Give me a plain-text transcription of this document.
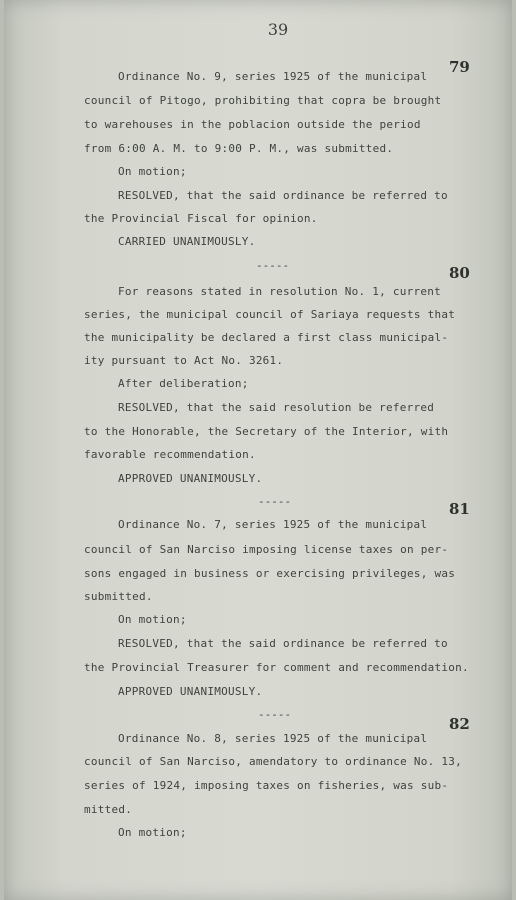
39
79
Ordinance No. 9, series 1925 of the municipal
council of Pitogo, prohibiting that copra be brought
to warehouses in the poblacion outside the period
from 6:00 A. M. to 9:00 P. M., was submitted.
On motion;
RESOLVED, that the said ordinance be referred to
the Provincial Fiscal for opinion.
CARRIED UNANIMOUSLY.
-----	80
For reasons stated in resolution No. 1, current
series, the municipal council of Sariaya requests that
the municipality be declared a first class municipal-
ity pursuant to Act No. 3261.
After deliberation;
RESOLVED, that the said resolution be referred
to the Honorable, the Secretary of the Interior, with
favorable recommendation.
APPROVED UNANIMOUSLY.
-----	81
Ordinance No. 7, series 1925 of the municipal
council of San Narciso imposing license taxes on per-
sons engaged in business or exercising privileges, was
submitted.
On motion;
RESOLVED, that the said ordinance be referred to
the Provincial Treasurer for comment and recommendation.
APPROVED UNANIMOUSLY.
-----
82
Ordinance No. 8, series 1925 of the municipal
council of San Narciso, amendatory to ordinance No. 13,
series of 1924, imposing taxes on fisheries, was sub-
mitted.
On motion;
